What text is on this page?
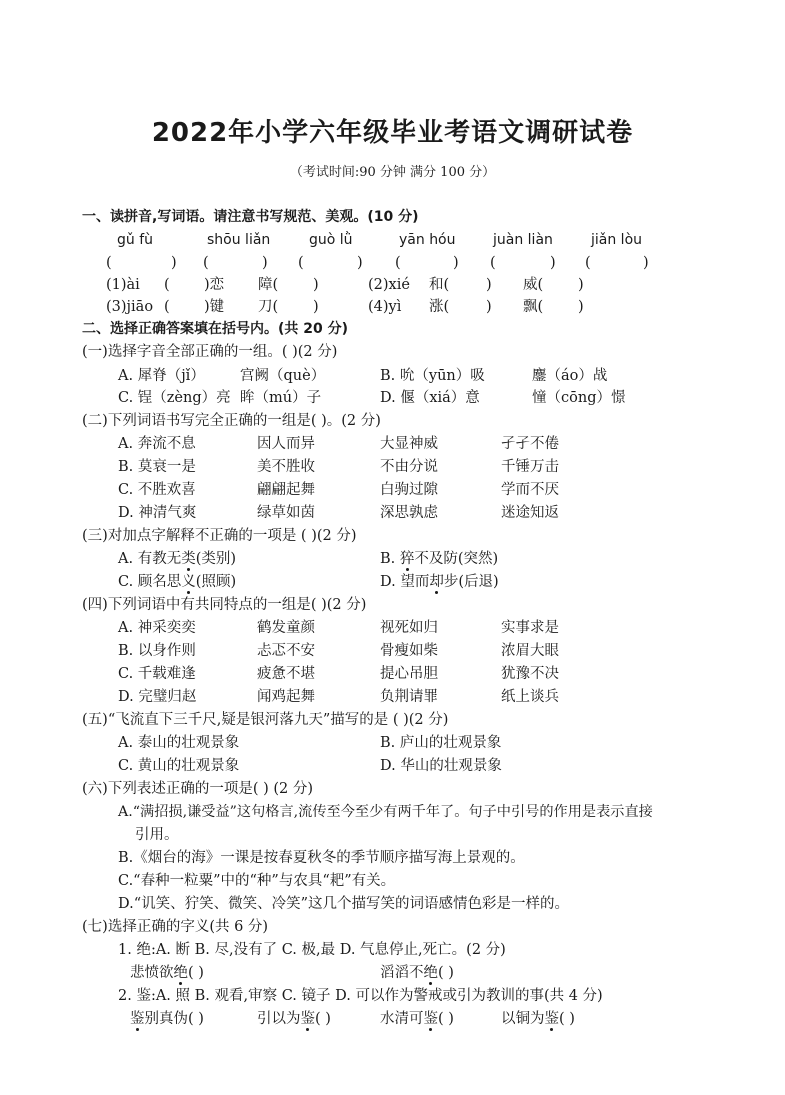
2022年小学六年级毕业考语文调研试卷
（考试时间:90 分钟 满分 100 分）
一、读拼音,写词语。请注意书写规范、美观。(10 分)
gǔ fù	shōu liǎn	guò lǜ	yān hóu	juàn liàn	jiǎn lòu
(	) (	) (	) (	) (	) (	)
(1)ài ( )恋 障( )	(2)xié 和(	) 威( )
(3)jiāo ( )键 刀( )	(4)yì 涨(	) 飘( )
二、选择正确答案填在括号内。(共 20 分)
(一)选择字音全部正确的一组。( )(2 分)
A. 犀脊（jǐ） 宫阙（què）	B. 吮（yūn）吸	鏖（áo）战
C. 锃（zèng）亮 眸（mú）子	D. 偃（xiá）意	憧（cōng）憬
(二)下列词语书写完全正确的一组是( )。(2 分)
A. 奔流不息	因人而异	大显神威	孑孑不倦
B. 莫衰一是	美不胜收	不由分说	千锤万击
C. 不胜欢喜	翩翩起舞	白驹过隙	学而不厌
D. 神清气爽	绿草如茵	深思孰虑	迷途知返
(三)对加点字解释不正确的一项是 ( )(2 分)
A. 有教无类(类别)	B. 猝不及防(突然)
C. 顾名思义(照顾)	D. 望而却步(后退)
(四)下列词语中有共同特点的一组是( )(2 分)
A. 神采奕奕	鹤发童颜	视死如归	实事求是
B. 以身作则	忐忑不安	骨瘦如柴	浓眉大眼
C. 千载难逢	疲惫不堪	提心吊胆	犹豫不决
D. 完璧归赵	闻鸡起舞	负荆请罪	纸上谈兵
(五)“飞流直下三千尺,疑是银河落九天”描写的是 ( )(2 分)
A. 泰山的壮观景象	B. 庐山的壮观景象
C. 黄山的壮观景象	D. 华山的壮观景象
(六)下列表述正确的一项是( ) (2 分)
A.“满招损,谦受益”这句格言,流传至今至少有两千年了。句子中引号的作用是表示直接
引用。
B.《烟台的海》一课是按春夏秋冬的季节顺序描写海上景观的。
C.“春种一粒粟”中的“种”与农具“耙”有关。
D.“讥笑、狞笑、微笑、冷笑”这几个描写笑的词语感情色彩是一样的。
(七)选择正确的字义(共 6 分)
1. 绝:A. 断 B. 尽,没有了 C. 极,最 D. 气息停止,死亡。(2 分)
悲愤欲绝( )	滔滔不绝( )
2. 鉴:A. 照 B. 观看,审察 C. 镜子 D. 可以作为警戒或引为教训的事(共 4 分)
鉴别真伪( )	引以为鉴( )	水清可鉴( )	以铜为鉴( )
